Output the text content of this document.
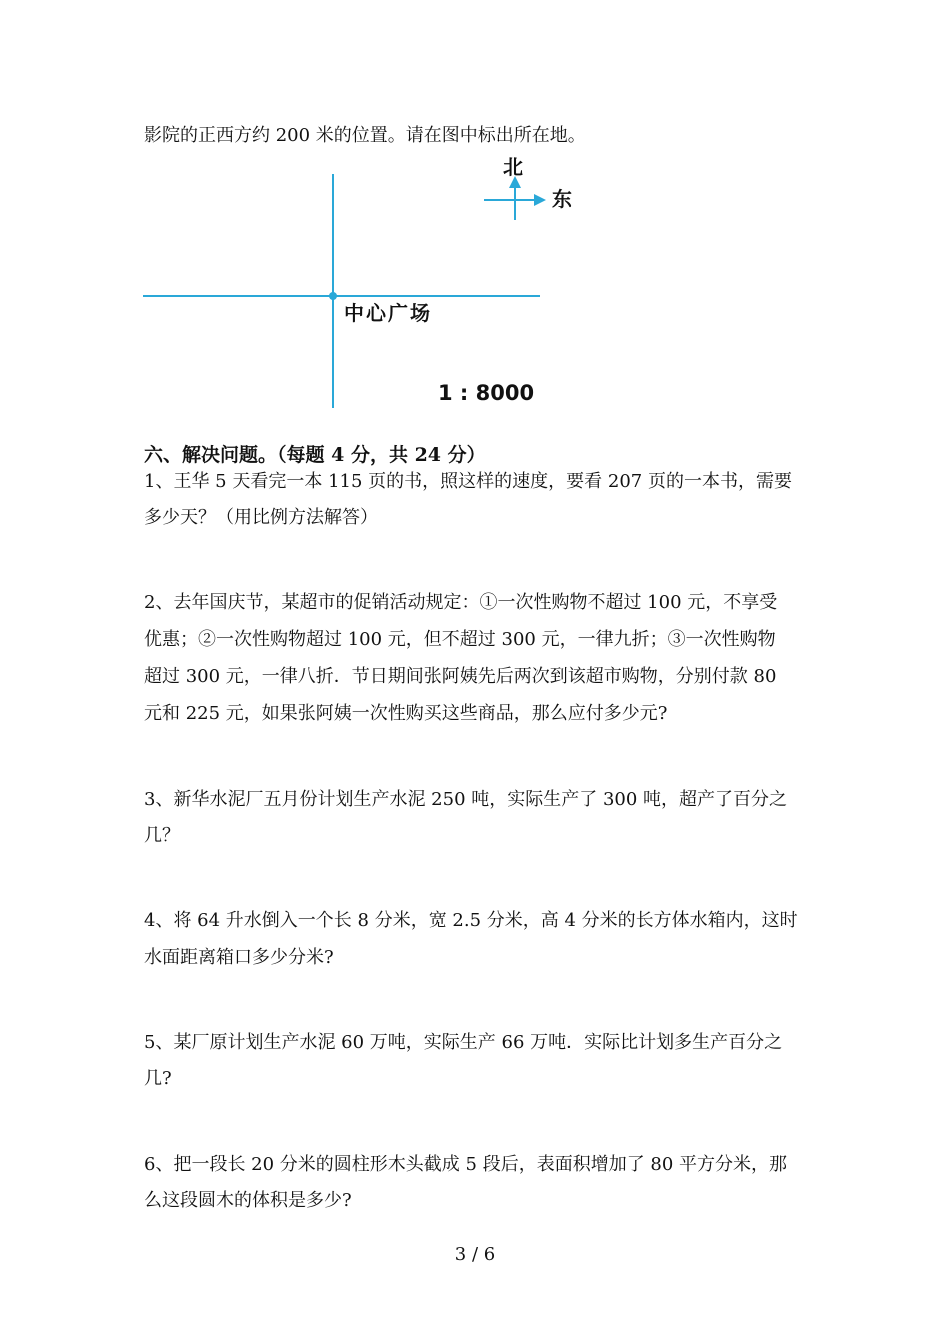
影院的正西方约 200 米的位置。请在图中标出所在地。
北
东
中心广场
1 : 8000
六、解决问题。（每题 4 分，共 24 分）
1、王华 5 天看完一本 115 页的书，照这样的速度，要看 207 页的一本书，需要
多少天？（用比例方法解答）
2、去年国庆节，某超市的促销活动规定：①一次性购物不超过 100 元，不享受
优惠；②一次性购物超过 100 元，但不超过 300 元，一律九折；③一次性购物
超过 300 元，一律八折．节日期间张阿姨先后两次到该超市购物，分别付款 80
元和 225 元，如果张阿姨一次性购买这些商品，那么应付多少元?
3、新华水泥厂五月份计划生产水泥 250 吨，实际生产了 300 吨，超产了百分之
几？
4、将 64 升水倒入一个长 8 分米，宽 2.5 分米，高 4 分米的长方体水箱内，这时
水面距离箱口多少分米?
5、某厂原计划生产水泥 60 万吨，实际生产 66 万吨．实际比计划多生产百分之
几?
6、把一段长 20 分米的圆柱形木头截成 5 段后，表面积增加了 80 平方分米，那
么这段圆木的体积是多少?
3 / 6
